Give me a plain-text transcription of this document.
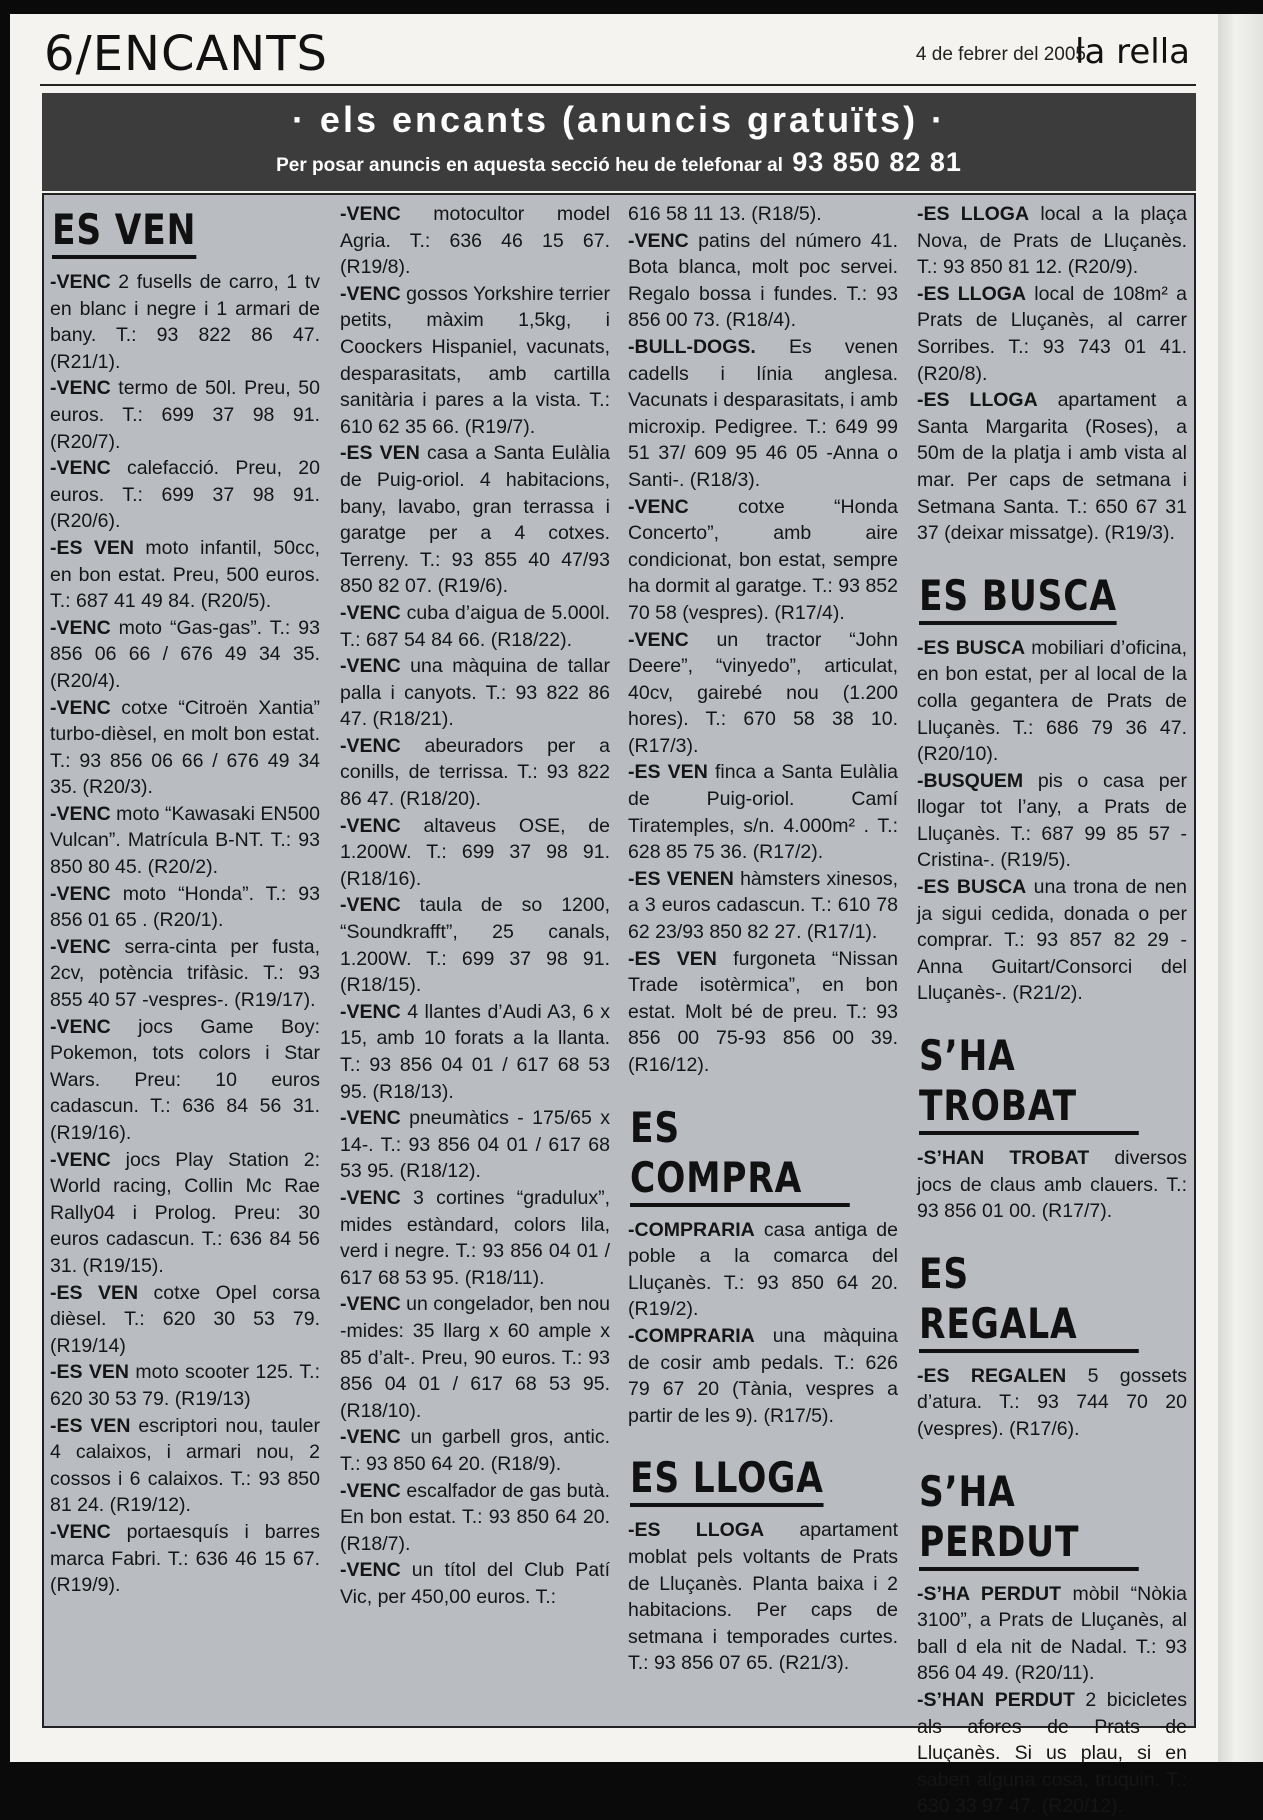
6/ENCANTS	4 de febrer del 2005
la rella
· els encants (anuncis gratuïts) ·
Per posar anuncis en aquesta secció heu de telefonar al 93 850 82 81
ES VEN

-VENC 2 fusells de carro, 1 tv en blanc i negre i 1 armari de bany. T.: 93 822 86 47. (R21/1).

-VENC termo de 50l. Preu, 50 euros. T.: 699 37 98 91. (R20/7).

-VENC calefacció. Preu, 20 euros. T.: 699 37 98 91. (R20/6).

-ES VEN moto infantil, 50cc, en bon estat. Preu, 500 euros. T.: 687 41 49 84. (R20/5).

-VENC moto “Gas-gas”. T.: 93 856 06 66 / 676 49 34 35. (R20/4).

-VENC cotxe “Citroën Xantia” turbo-dièsel, en molt bon estat. T.: 93 856 06 66 / 676 49 34 35. (R20/3).

-VENC moto “Kawasaki EN500 Vulcan”. Matrícula B-NT. T.: 93 850 80 45. (R20/2).

-VENC moto “Honda”. T.: 93 856 01 65 . (R20/1).

-VENC serra-cinta per fusta, 2cv, potència trifàsic. T.: 93 855 40 57 -vespres-. (R19/17).

-VENC jocs Game Boy: Pokemon, tots colors i Star Wars. Preu: 10 euros cadascun. T.: 636 84 56 31. (R19/16).

-VENC jocs Play Station 2: World racing, Collin Mc Rae Rally04 i Prolog. Preu: 30 euros cadascun. T.: 636 84 56 31. (R19/15).

-ES VEN cotxe Opel corsa dièsel. T.: 620 30 53 79. (R19/14)

-ES VEN moto scooter 125. T.: 620 30 53 79. (R19/13)

-ES VEN escriptori nou, tauler 4 calaixos, i armari nou, 2 cossos i 6 calaixos. T.: 93 850 81 24. (R19/12).

-VENC portaesquís i barres marca Fabri. T.: 636 46 15 67. (R19/9).

-VENC motocultor model Agria. T.: 636 46 15 67. (R19/8).

-VENC gossos Yorkshire terrier petits, màxim 1,5kg, i Coockers Hispaniel, vacunats, desparasitats, amb cartilla sanitària i pares a la vista. T.: 610 62 35 66. (R19/7).

-ES VEN casa a Santa Eulàlia de Puig-oriol. 4 habitacions, bany, lavabo, gran terrassa i garatge per a 4 cotxes. Terreny. T.: 93 855 40 47/93 850 82 07. (R19/6).

-VENC cuba d’aigua de 5.000l. T.: 687 54 84 66. (R18/22).

-VENC una màquina de tallar palla i canyots. T.: 93 822 86 47. (R18/21).

-VENC abeuradors per a conills, de terrissa. T.: 93 822 86 47. (R18/20).

-VENC altaveus OSE, de 1.200W. T.: 699 37 98 91. (R18/16).

-VENC taula de so 1200, “Soundkrafft”, 25 canals, 1.200W. T.: 699 37 98 91. (R18/15).

-VENC 4 llantes d’Audi A3, 6 x 15, amb 10 forats a la llanta. T.: 93 856 04 01 / 617 68 53 95. (R18/13).

-VENC pneumàtics - 175/65 x 14-. T.: 93 856 04 01 / 617 68 53 95. (R18/12).

-VENC 3 cortines “gradulux”, mides estàndard, colors lila, verd i negre. T.: 93 856 04 01 / 617 68 53 95. (R18/11).

-VENC un congelador, ben nou -mides: 35 llarg x 60 ample x 85 d’alt-. Preu, 90 euros. T.: 93 856 04 01 / 617 68 53 95. (R18/10).

-VENC un garbell gros, antic. T.: 93 850 64 20. (R18/9).

-VENC escalfador de gas butà. En bon estat. T.: 93 850 64 20. (R18/7).

-VENC un títol del Club Patí Vic, per 450,00 euros. T.:

616 58 11 13. (R18/5).

-VENC patins del número 41. Bota blanca, molt poc servei. Regalo bossa i fundes. T.: 93 856 00 73. (R18/4).

-BULL-DOGS. Es venen cadells i línia anglesa. Vacunats i desparasitats, i amb microxip. Pedigree. T.: 649 99 51 37/ 609 95 46 05 -Anna o Santi-. (R18/3).

-VENC cotxe “Honda Concerto”, amb aire condicionat, bon estat, sempre ha dormit al garatge. T.: 93 852 70 58 (vespres). (R17/4).

-VENC un tractor “John Deere”, “vinyedo”, articulat, 40cv, gairebé nou (1.200 hores). T.: 670 58 38 10. (R17/3).

-ES VEN finca a Santa Eulàlia de Puig-oriol. Camí Tiratemples, s/n. 4.000m² . T.: 628 85 75 36. (R17/2).

-ES VENEN hàmsters xinesos, a 3 euros cadascun. T.: 610 78 62 23/93 850 82 27. (R17/1).

-ES VEN furgoneta “Nissan Trade isotèrmica”, en bon estat. Molt bé de preu. T.: 93 856 00 75-93 856 00 39. (R16/12).

ES COMPRA

-COMPRARIA casa antiga de poble a la comarca del Lluçanès. T.: 93 850 64 20. (R19/2).

-COMPRARIA una màquina de cosir amb pedals. T.: 626 79 67 20 (Tània, vespres a partir de les 9). (R17/5).

ES LLOGA

-ES LLOGA apartament moblat pels voltants de Prats de Lluçanès. Planta baixa i 2 habitacions. Per caps de setmana i temporades curtes. T.: 93 856 07 65. (R21/3).

-ES LLOGA local a la plaça Nova, de Prats de Lluçanès. T.: 93 850 81 12. (R20/9).

-ES LLOGA local de 108m² a Prats de Lluçanès, al carrer Sorribes. T.: 93 743 01 41. (R20/8).

-ES LLOGA apartament a Santa Margarita (Roses), a 50m de la platja i amb vista al mar. Per caps de setmana i Setmana Santa. T.: 650 67 31 37 (deixar missatge). (R19/3).

ES BUSCA

-ES BUSCA mobiliari d’oficina, en bon estat, per al local de la colla gegantera de Prats de Lluçanès. T.: 686 79 36 47. (R20/10).

-BUSQUEM pis o casa per llogar tot l’any, a Prats de Lluçanès. T.: 687 99 85 57 -Cristina-. (R19/5).

-ES BUSCA una trona de nen ja sigui cedida, donada o per comprar. T.: 93 857 82 29 - Anna Guitart/Consorci del Lluçanès-. (R21/2).

S’HA TROBAT

-S’HAN TROBAT diversos jocs de claus amb clauers. T.: 93 856 01 00. (R17/7).

ES REGALA

-ES REGALEN 5 gossets d’atura. T.: 93 744 70 20 (vespres). (R17/6).

S’HA PERDUT

-S’HA PERDUT mòbil “Nòkia 3100”, a Prats de Lluçanès, al ball d ela nit de Nadal. T.: 93 856 04 49. (R20/11).

-S’HAN PERDUT 2 bicicletes als afores de Prats de Lluçanès. Si us plau, si en saben alguna cosa, truquin. T.: 630 33 97 47. (R20/12).
